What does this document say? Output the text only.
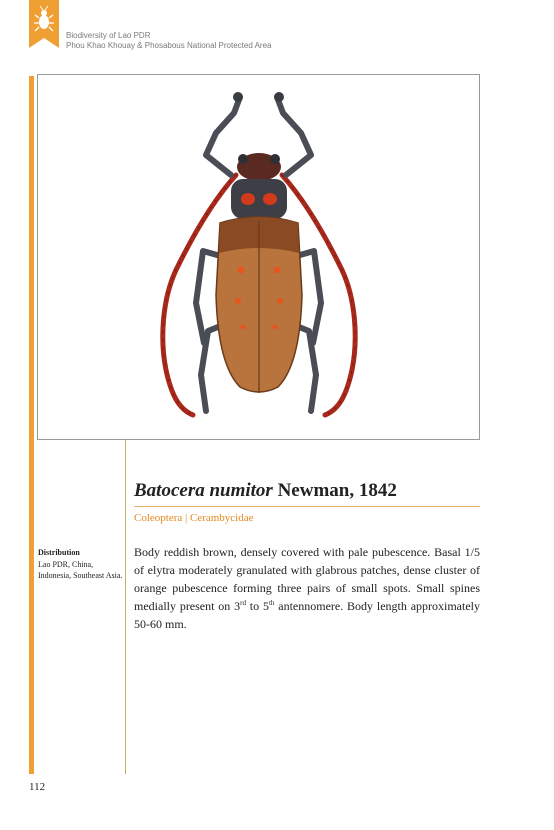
Biodiversity of Lao PDR
Phou Khao Khouay & Phosabous National Protected Area
Batocera numitor Newman, 1842
Coleoptera | Cerambycidae
Body reddish brown, densely covered with pale pubescence. Basal 1/5 of elytra moderately granulated with glabrous patches, dense cluster of orange pubescence forming three pairs of small spots. Small spines medially present on 3rd to 5th antennomere. Body length approximately 50-60 mm.
Distribution
Lao PDR, China, Indonesia, Southeast Asia.
112
